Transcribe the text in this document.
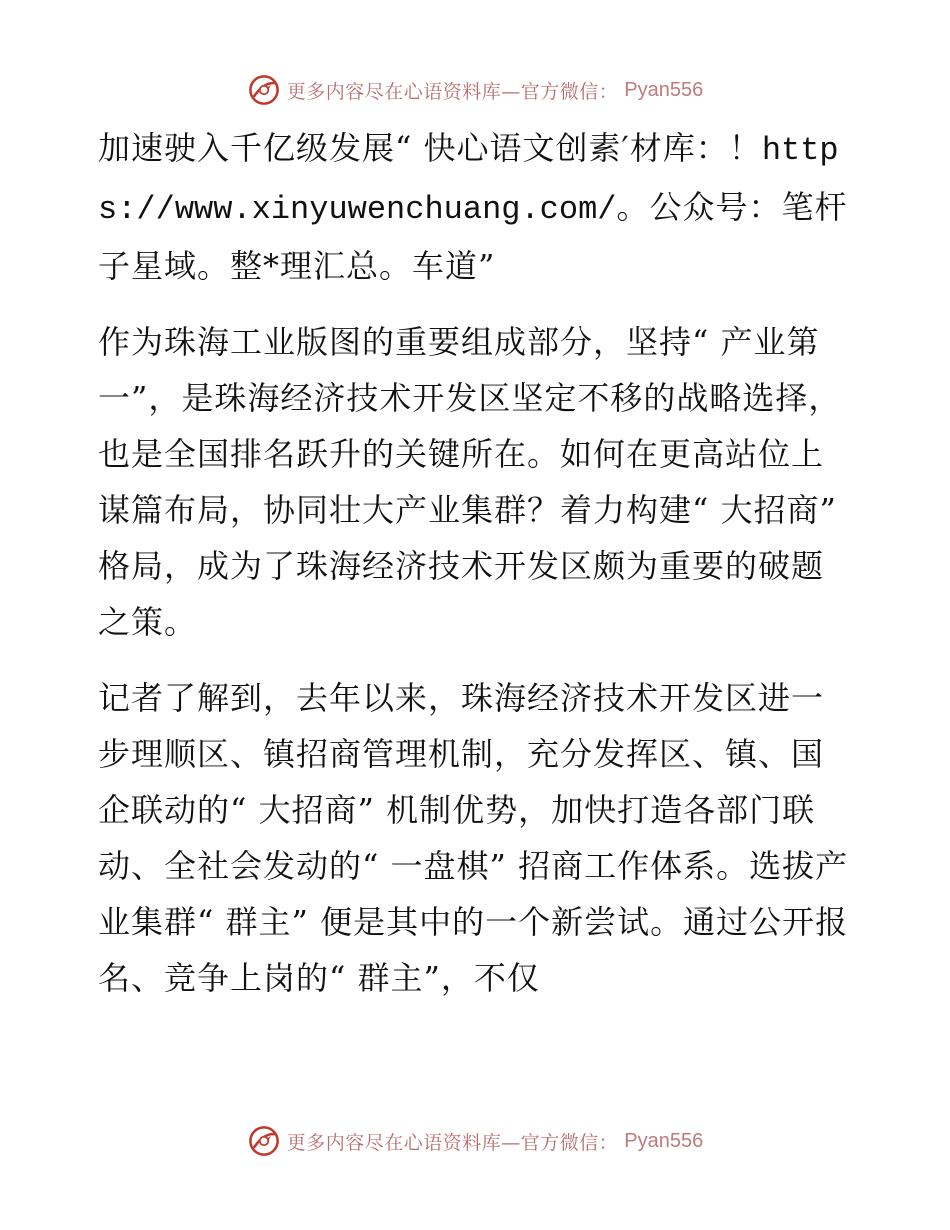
更多内容尽在心语资料库—官方微信： Pyan556

加速驶入千亿级发展“ 快心语文创素′材库：！https://www.xinyuwenchuang.com/。公众号：笔杆子星域。整*理汇总。车道”

作为珠海工业版图的重要组成部分，坚持“ 产业第一”，是珠海经济技术开发区坚定不移的战略选择，也是全国排名跃升的关键所在。如何在更高站位上谋篇布局，协同壮大产业集群？着力构建“ 大招商” 格局，成为了珠海经济技术开发区颇为重要的破题之策。

记者了解到，去年以来，珠海经济技术开发区进一步理顺区、镇招商管理机制，充分发挥区、镇、国企联动的“ 大招商” 机制优势，加快打造各部门联动、全社会发动的“ 一盘棋” 招商工作体系。选拔产业集群“ 群主” 便是其中的一个新尝试。通过公开报名、竞争上岗的“ 群主”，不仅

更多内容尽在心语资料库—官方微信： Pyan556
